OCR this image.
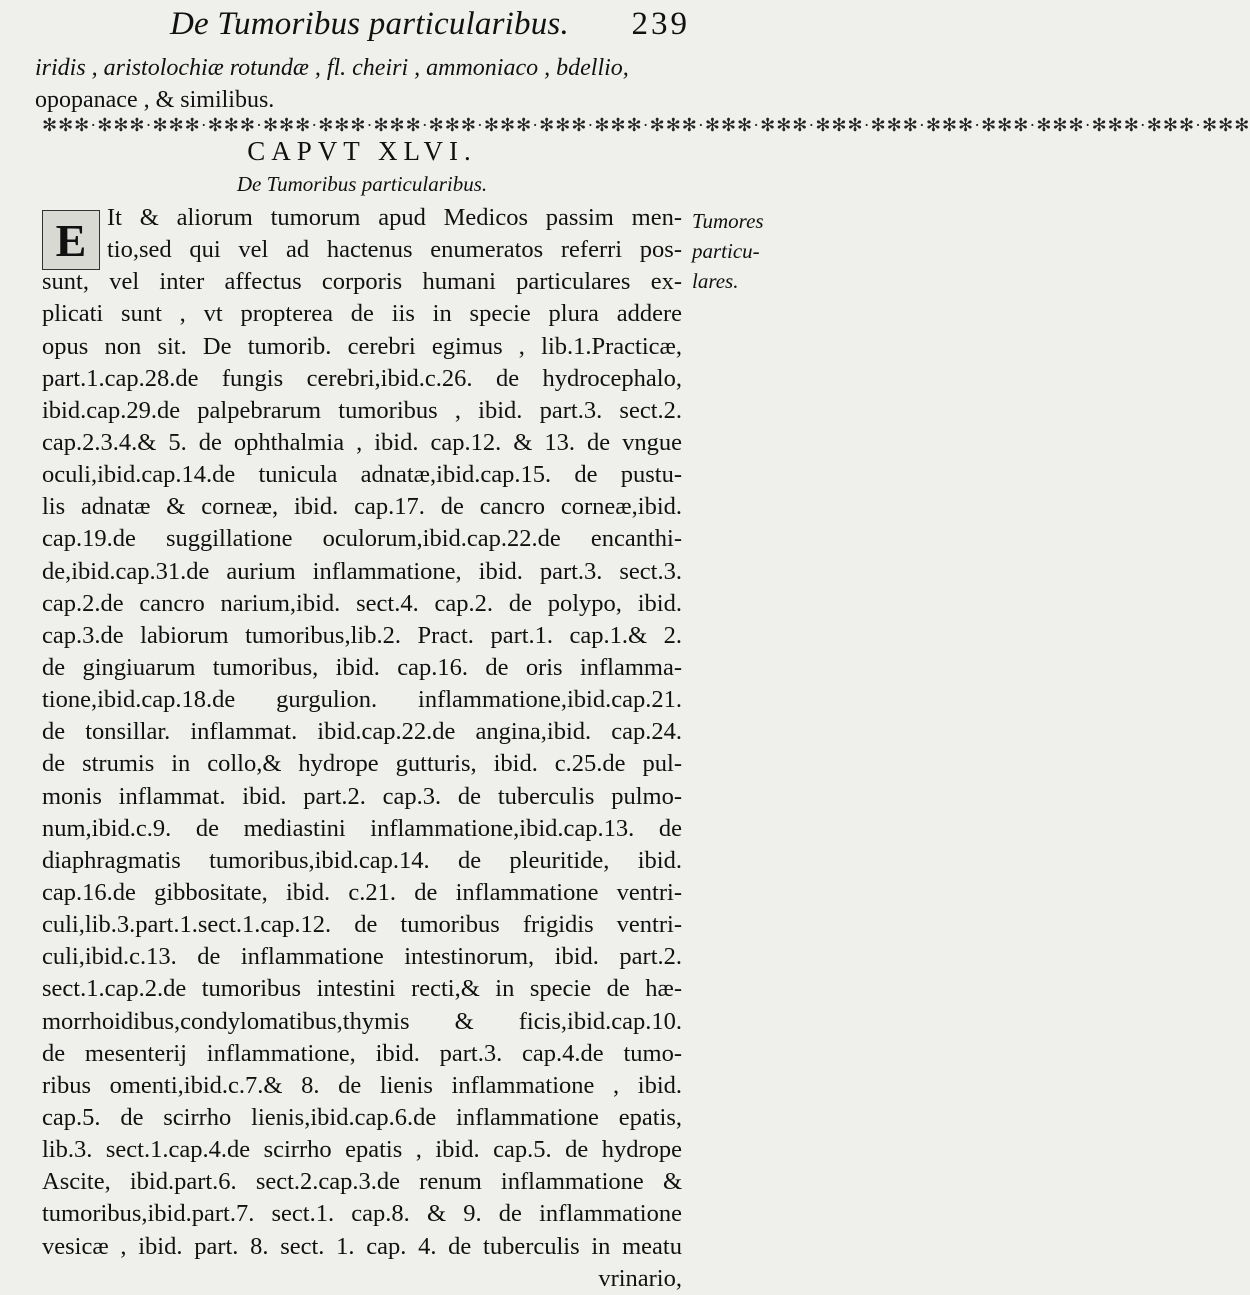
De Tumoribus particularibus. 239
iridis , aristolochiæ rotundæ , fl. cheiri , ammoniaco , bdellio,
opopanace , & similibus.
✻✻✻·✻✻✻·✻✻✻·✻✻✻·✻✻✻·✻✻✻·✻✻✻·✻✻✻·✻✻✻·✻✻✻·✻✻✻·✻✻✻·✻✻✻·✻✻✻·✻✻✻·✻✻✻·✻✻✻·✻✻✻·✻✻✻·✻✻✻·✻✻✻·✻✻✻
CAPVT XLVI.
De Tumoribus particularibus.
E It & aliorum tumorum apud Medicos passim men-
tio,sed qui vel ad hactenus enumeratos referri pos-
sunt, vel inter affectus corporis humani particulares ex-
plicati sunt , vt propterea de iis in specie plura addere
opus non sit. De tumorib. cerebri egimus , lib.1.Practicæ,
part.1.cap.28.de fungis cerebri,ibid.c.26. de hydrocephalo,
ibid.cap.29.de palpebrarum tumoribus , ibid. part.3. sect.2.
cap.2.3.4.& 5. de ophthalmia , ibid. cap.12. & 13. de vngue
oculi,ibid.cap.14.de tunicula adnatæ,ibid.cap.15. de pustu-
lis adnatæ & corneæ, ibid. cap.17. de cancro corneæ,ibid.
cap.19.de suggillatione oculorum,ibid.cap.22.de encanthi-
de,ibid.cap.31.de aurium inflammatione, ibid. part.3. sect.3.
cap.2.de cancro narium,ibid. sect.4. cap.2. de polypo, ibid.
cap.3.de labiorum tumoribus,lib.2. Pract. part.1. cap.1.& 2.
de gingiuarum tumoribus, ibid. cap.16. de oris inflamma-
tione,ibid.cap.18.de gurgulion. inflammatione,ibid.cap.21.
de tonsillar. inflammat. ibid.cap.22.de angina,ibid. cap.24.
de strumis in collo,& hydrope gutturis, ibid. c.25.de pul-
monis inflammat. ibid. part.2. cap.3. de tuberculis pulmo-
num,ibid.c.9. de mediastini inflammatione,ibid.cap.13. de
diaphragmatis tumoribus,ibid.cap.14. de pleuritide, ibid.
cap.16.de gibbositate, ibid. c.21. de inflammatione ventri-
culi,lib.3.part.1.sect.1.cap.12. de tumoribus frigidis ventri-
culi,ibid.c.13. de inflammatione intestinorum, ibid. part.2.
sect.1.cap.2.de tumoribus intestini recti,& in specie de hæ-
morrhoidibus,condylomatibus,thymis & ficis,ibid.cap.10.
de mesenterij inflammatione, ibid. part.3. cap.4.de tumo-
ribus omenti,ibid.c.7.& 8. de lienis inflammatione , ibid.
cap.5. de scirrho lienis,ibid.cap.6.de inflammatione epatis,
lib.3. sect.1.cap.4.de scirrho epatis , ibid. cap.5. de hydrope
Ascite, ibid.part.6. sect.2.cap.3.de renum inflammatione &
tumoribus,ibid.part.7. sect.1. cap.8. & 9. de inflammatione
vesicæ , ibid. part. 8. sect. 1. cap. 4. de tuberculis in meatu
vrinario,
Tumores
particu-
lares.
